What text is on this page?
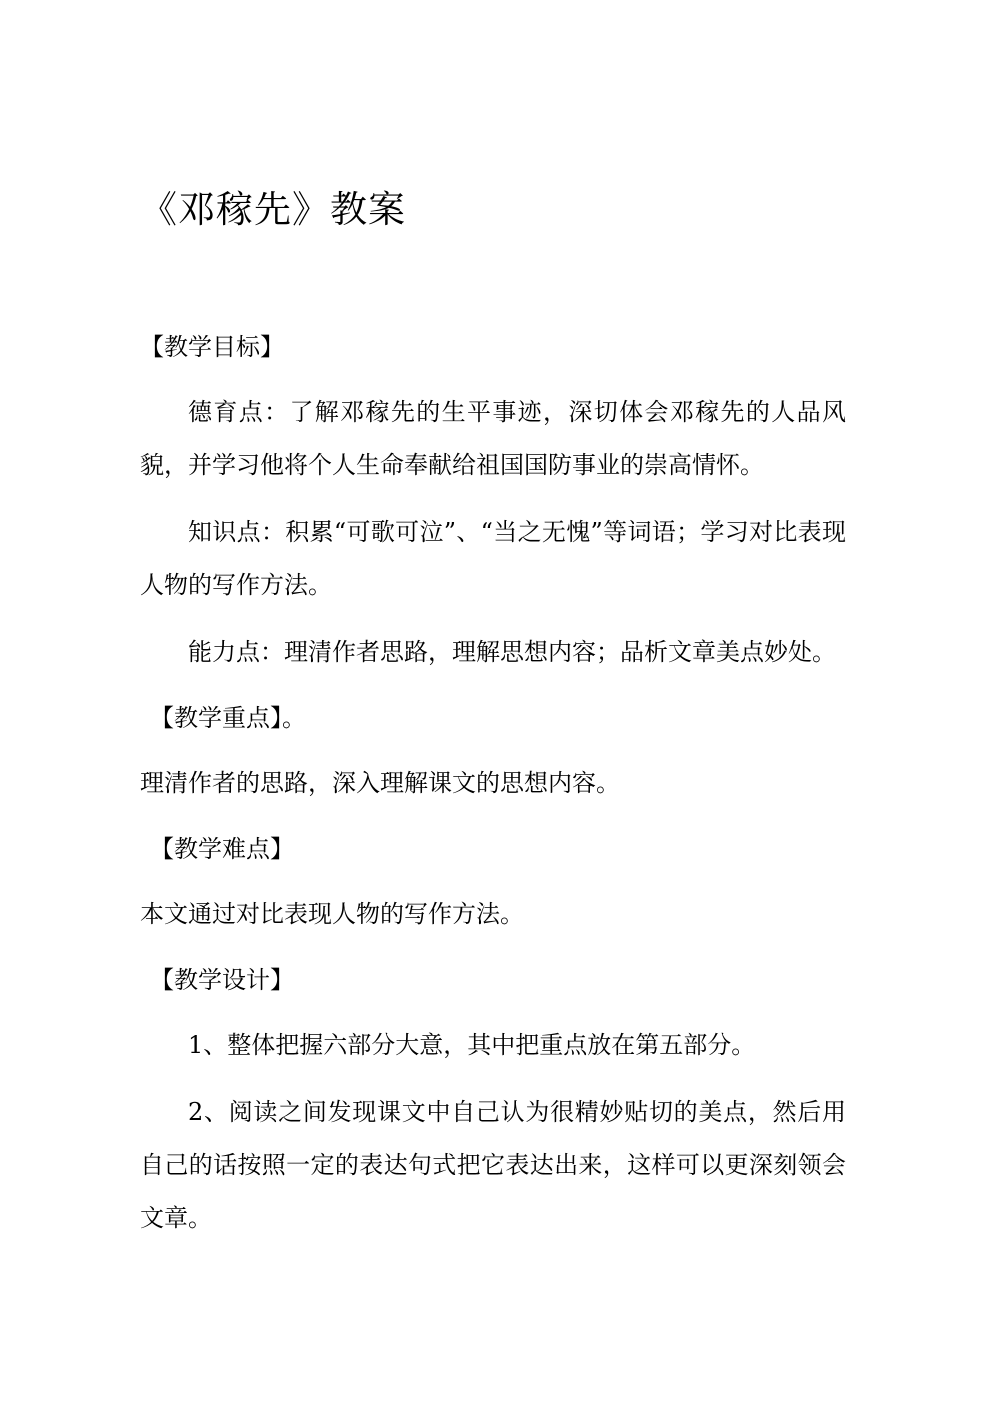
《邓稼先》教案
【教学目标】

德育点：了解邓稼先的生平事迹，深切体会邓稼先的人品风貌，并学习他将个人生命奉献给祖国国防事业的崇高情怀。

知识点：积累“可歌可泣”、“当之无愧”等词语；学习对比表现人物的写作方法。

能力点：理清作者思路，理解思想内容；品析文章美点妙处。

【教学重点】。

理清作者的思路，深入理解课文的思想内容。

【教学难点】

本文通过对比表现人物的写作方法。

【教学设计】

1、整体把握六部分大意，其中把重点放在第五部分。

2、阅读之间发现课文中自己认为很精妙贴切的美点，然后用自己的话按照一定的表达句式把它表达出来，这样可以更深刻领会文章。
